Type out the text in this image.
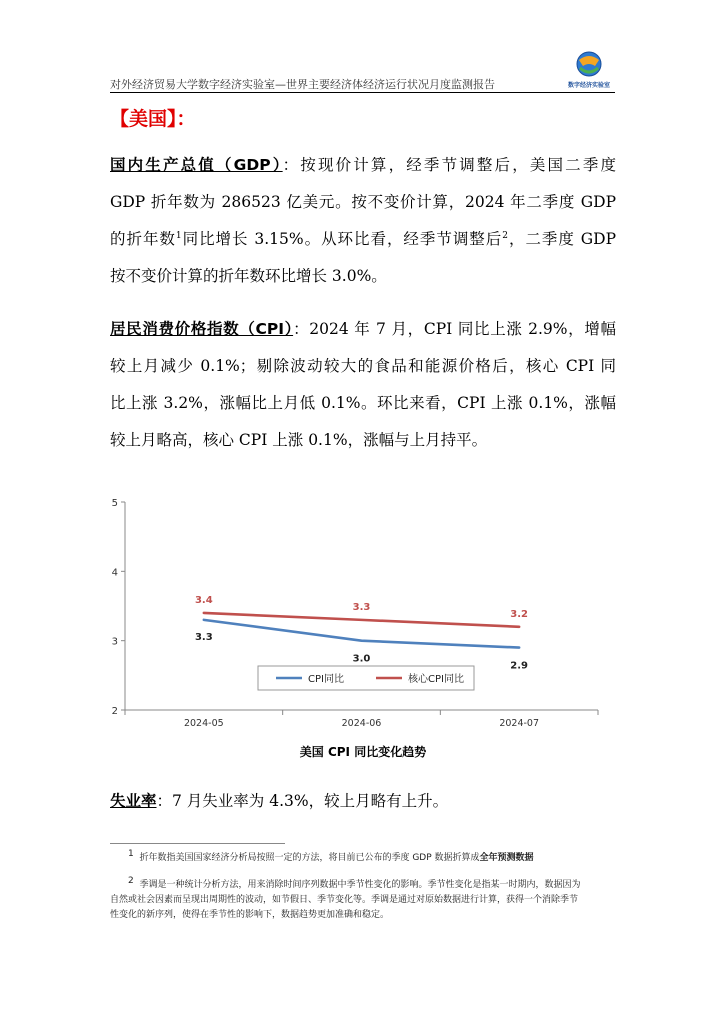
对外经济贸易大学数字经济实验室—世界主要经济体经济运行状况月度监测报告	数字经济实验室
【美国】：
国内生产总值（GDP）：按现价计算，经季节调整后，美国二季度
GDP 折年数为 286523 亿美元。按不变价计算，2024 年二季度 GDP
的折年数$^1$同比增长 3.15%。从环比看，经季节调整后$^2$，二季度 GDP
按不变价计算的折年数环比增长 3.0%。
居民消费价格指数（CPI）：2024 年 7 月，CPI 同比上涨 2.9%，增幅
较上月减少 0.1%；剔除波动较大的食品和能源价格后，核心 CPI 同
比上涨 3.2%，涨幅比上月低 0.1%。环比来看，CPI 上涨 0.1%，涨幅
较上月略高，核心 CPI 上涨 0.1%，涨幅与上月持平。
2
3
4
5
2024-05	2024-06	2024-07
3.3
3.0
2.9
3.4
3.3
3.2
CPI同比	核心CPI同比
美国 CPI 同比变化趋势
失业率：7 月失业率为 4.3%，较上月略有上升。
$^1$ 折年数指美国国家经济分析局按照一定的方法，将目前已公布的季度 GDP 数据折算成全年预测数据
$^2$ 季调是一种统计分析方法，用来消除时间序列数据中季节性变化的影响。季节性变化是指某一时期内，数据因为
自然或社会因素而呈现出周期性的波动，如节假日、季节变化等。季调是通过对原始数据进行计算，获得一个消除季节
性变化的新序列，使得在季节性的影响下，数据趋势更加准确和稳定。
